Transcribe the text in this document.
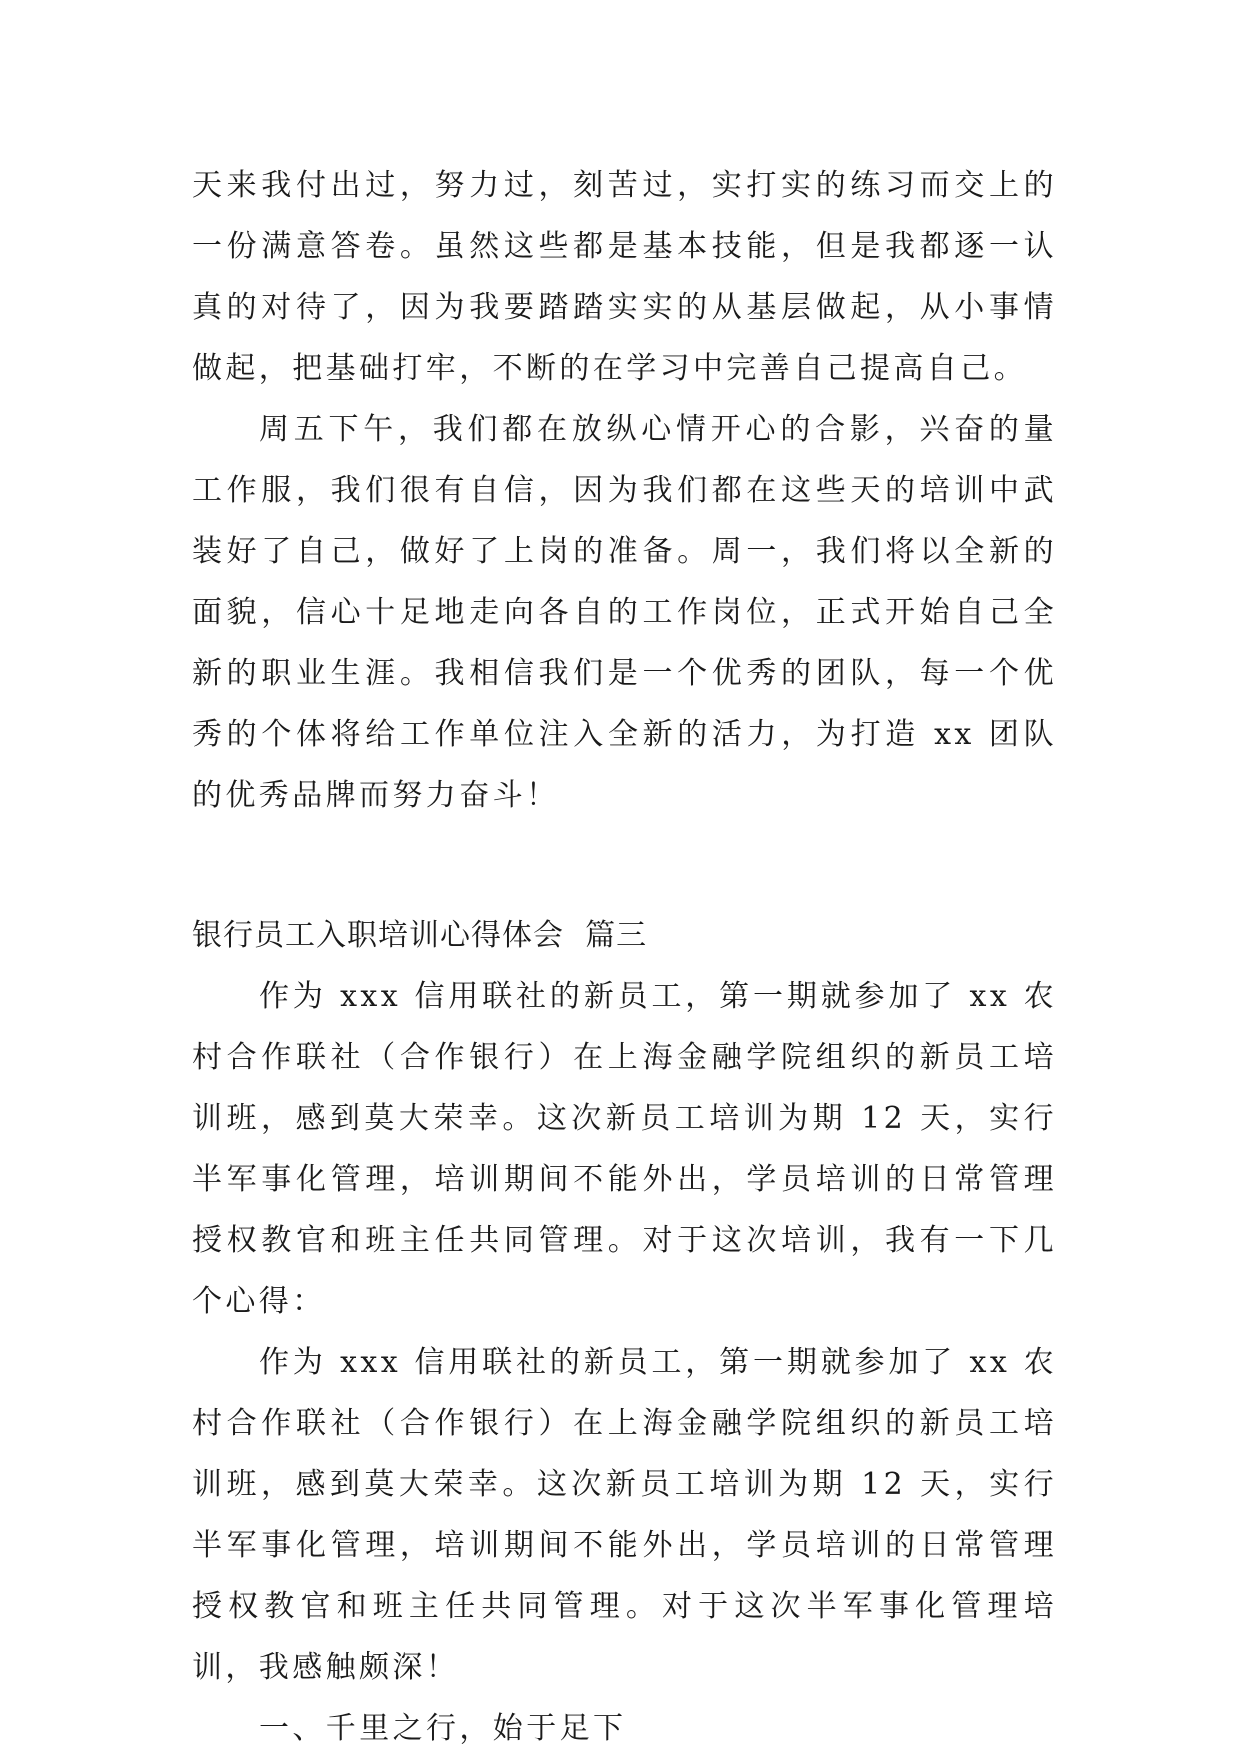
天来我付出过，努力过，刻苦过，实打实的练习而交上的一份满意答卷。虽然这些都是基本技能，但是我都逐一认真的对待了，因为我要踏踏实实的从基层做起，从小事情做起，把基础打牢，不断的在学习中完善自己提高自己。

周五下午，我们都在放纵心情开心的合影，兴奋的量工作服，我们很有自信，因为我们都在这些天的培训中武装好了自己，做好了上岗的准备。周一，我们将以全新的面貌，信心十足地走向各自的工作岗位，正式开始自己全新的职业生涯。我相信我们是一个优秀的团队，每一个优秀的个体将给工作单位注入全新的活力，为打造 xx 团队的优秀品牌而努力奋斗！

银行员工入职培训心得体会  篇三

作为 xxx 信用联社的新员工，第一期就参加了 xx 农村合作联社（合作银行）在上海金融学院组织的新员工培训班，感到莫大荣幸。这次新员工培训为期 12 天，实行半军事化管理，培训期间不能外出，学员培训的日常管理授权教官和班主任共同管理。对于这次培训，我有一下几个心得：

作为 xxx 信用联社的新员工，第一期就参加了 xx 农村合作联社（合作银行）在上海金融学院组织的新员工培训班，感到莫大荣幸。这次新员工培训为期 12 天，实行半军事化管理，培训期间不能外出，学员培训的日常管理授权教官和班主任共同管理。对于这次半军事化管理培训，我感触颇深！

一、千里之行，始于足下
